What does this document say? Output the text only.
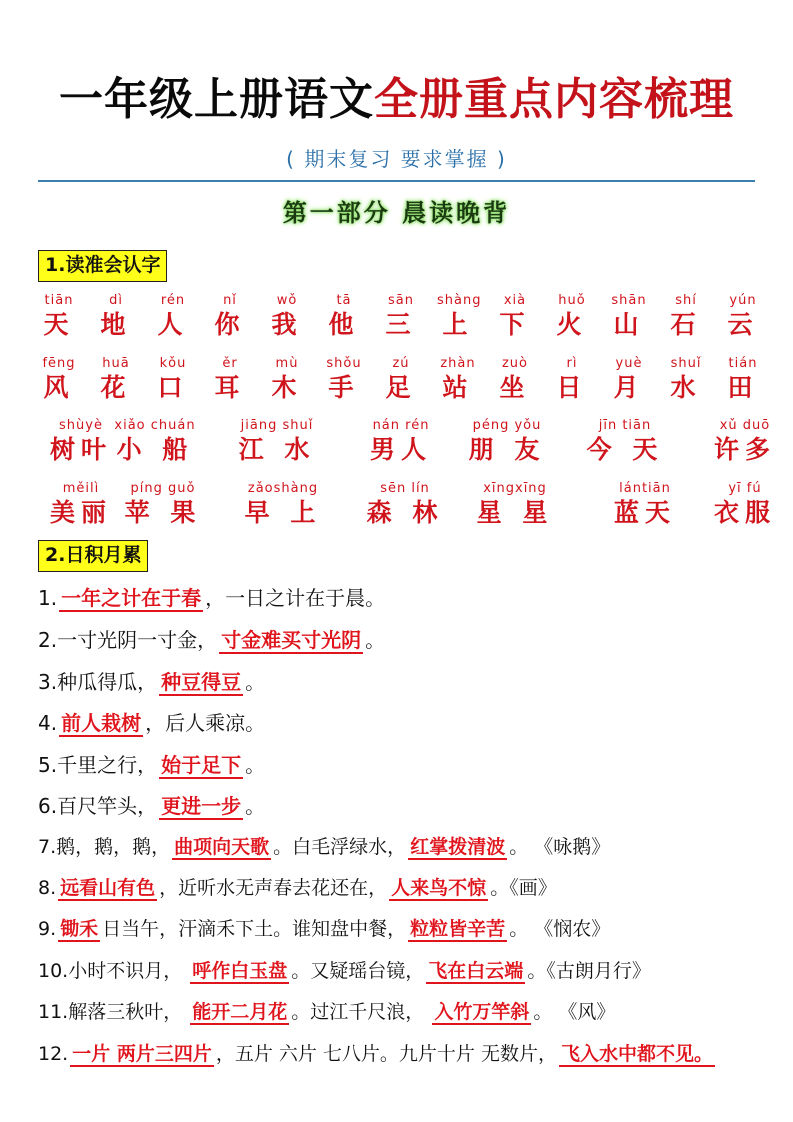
一年级上册语文全册重点内容梳理
( 期末复习 要求掌握 )
第一部分 晨读晚背
1.读准会认字
tiān
天
dì
地
rén
人
nǐ
你
wǒ
我
tā
他
sān
三
shàng
上
xià
下
huǒ
火
shān
山
shí
石
yún
云
fēng
风
huā
花
kǒu
口
ěr
耳
mù
木
shǒu
手
zú
足
zhàn
站
zuò
坐
rì
日
yuè
月
shuǐ
水
tián
田
shùyè
树叶
xiǎo chuán
小 船
jiāng shuǐ
江 水
nán rén
男人
péng yǒu
朋 友
jīn tiān
今 天
xǔ duō
许多
měilì
美丽
píng guǒ
苹 果
zǎoshàng
早 上
sēn lín
森 林
xīngxīng
星 星
lántiān
蓝天
yī fú
衣服
2.日积月累
1. 一年之计在于春 ，一日之计在于晨。
2.一寸光阴一寸金， 寸金难买寸光阴 。
3.种瓜得瓜， 种豆得豆 。
4. 前人栽树 ，后人乘凉。
5.千里之行， 始于足下 。
6.百尺竿头， 更进一步 。
7.鹅，鹅，鹅， 曲项向天歌 。白毛浮绿水， 红掌拨清波 。 《咏鹅》
8. 远看山有色 ，近听水无声春去花还在， 人来鸟不惊 。《画》
9. 锄禾 日当午，汗滴禾下土。谁知盘中餐， 粒粒皆辛苦 。 《悯农》
10.小时不识月， 呼作白玉盘 。又疑瑶台镜， 飞在白云端 。《古朗月行》
11.解落三秋叶， 能开二月花 。过江千尺浪， 入竹万竿斜 。 《风》
12. 一片 两片三四片 ，五片 六片 七八片。九片十片 无数片， 飞入水中都不见。
